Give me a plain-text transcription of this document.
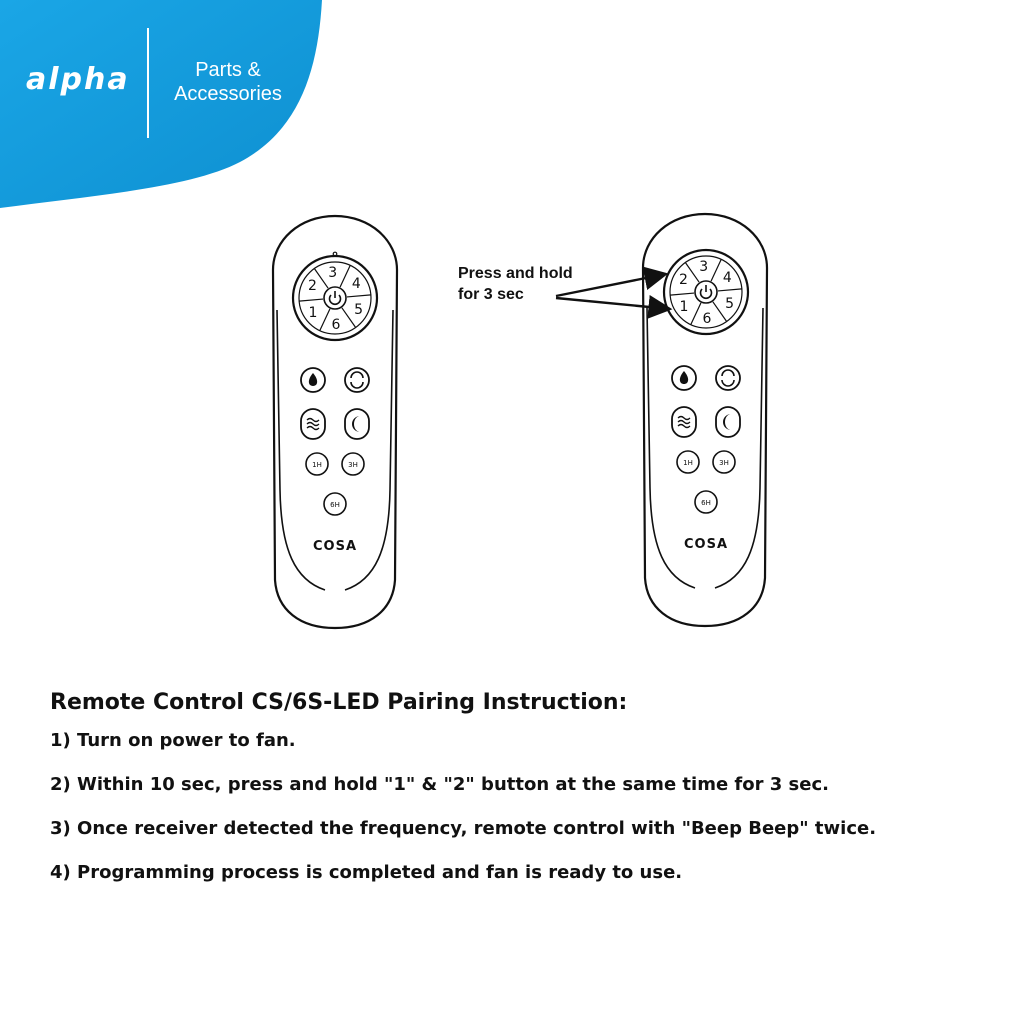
alpha	Parts &
Accessories
1
2
3
4
5
6
1H	3H
6H
COSA
1
2
3
4
5
6
1H	3H
6H
COSA
Press and hold
for 3 sec
Remote Control CS/6S-LED Pairing Instruction:

1) Turn on power to fan.

2) Within 10 sec, press and hold "1" & "2" button at the same time for 3 sec.

3) Once receiver detected the frequency, remote control with "Beep Beep" twice.

4) Programming process is completed and fan is ready to use.
